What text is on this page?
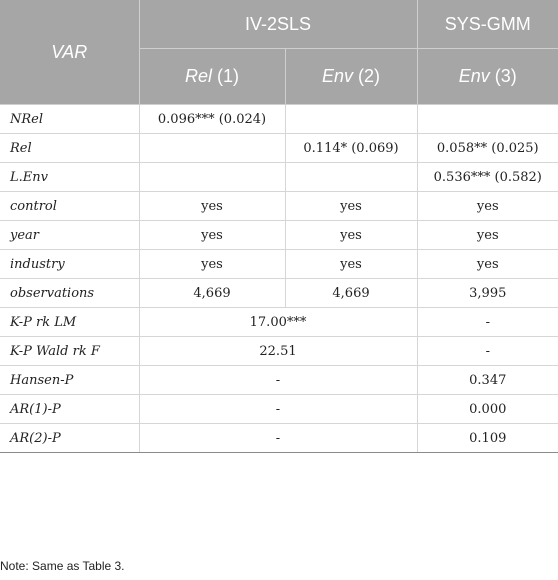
VAR	IV-2SLS		SYS-GMM
	Rel (1)	Env (2)	Env (3)
NRel	0.096*** (0.024)		
Rel		0.114* (0.069)	0.058** (0.025)
L.Env			0.536*** (0.582)
control	yes	yes	yes
year	yes	yes	yes
industry	yes	yes	yes
observations	4,669	4,669	3,995
K-P rk LM	17.00***		-
K-P Wald rk F	22.51		-
Hansen-P	-		0.347
AR(1)-P	-		0.000
AR(2)-P	-		0.109
Note: Same as Table 3.
